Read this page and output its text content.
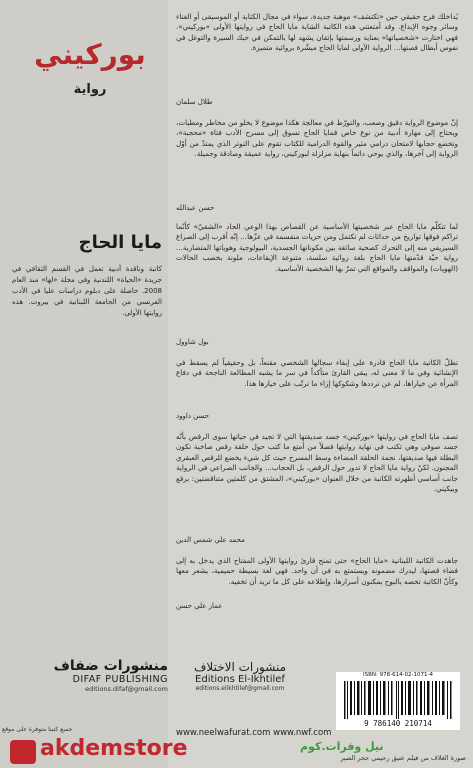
بوركيني
رواية
مايا الحاج
كاتبة وناقدة أدبية تعمل في القسم الثقافي في جريدة «الحياة» اللندنية وفي مجلة «لها» منذ العام 2008. حاصلة على دبلوم دراسات عليا في الأدب الفرنسي من الجامعة اللبنانية في بيروت. هذه روايتها الأولى.
يُداخلك فرح حقيقي حين «تكتشف» موهبة جديدة، سواء في مجال الكتابة أو الموسيقى أو الغناء وسائر وجوه الإبداع. وقد أمتعتني هذه الكاتبة الشابة مايا الحاج في روايتها الأولى «بوركيني». فهي اختارت «شخصياتها» بعناية ورسمتها بإتقان يشهد لها بالتمكن في حبك السيرة والتوغل في نفوس أبطال قصتها... الرواية الأولى لمايا الحاج مبشّرة بروائية متميزة.
طلال سلمان
إنّ موضوع الرواية دقيق وصعب، والتورّط في معالجة هكذا موضوع لا يخلو من مخاطر ومطبات، ويحتاج إلى مهارة أدبية من نوع خاص قمايا الحاج تسوق إلى مسرح الأدب فتاة «محجبة»، وتخضع حجابها لامتحان درامي مثير والقوة الدرامية للكتاب تقوم على التوتر الذي يمتدّ من أوّل الرواية إلى آخرها، والذي يوحي دائماً بنهاية مزلزلة لبوركيني، رواية عميقة وصادقة وجميلة.
حسن عبدالله
لما تتكلّم مايا الحاج عبر شخصيتها الأساسية عن القصاص بهذا الوعي الحاد «الشقيّ» كأنّما تراكم فوقها تواريخ من حداثات لم تكتمل ومن حريات منقسمة في عزّها... إنّه أقرب إلى الصراع السيزيفي منه إلى التحرك كصحية سائغة بين مكوناتها الجسدية، البيولوجية وهوياتها المتضاربة... رواية حيّة قدّمتها مايا الحاج بلغة روائية سلسة، متنوعة الإيقاعات، ملونة بخصب الحالات (الهويات) والمواقف والمواقع التي تمرّ بها الشخصية الأساسية.
بول شاوول
تظلّ الكاتبة مايا الحاج قادرة على إبقاء سجالها الشخصي مقنعاً، بل وحقيقياً لم يسقط في الإنشائية وفي ما لا معنى له، يبقى القارئ متأكداً في سر ما يشبه المطالعة الناجحة في دفاع المرأة عن خياراها، لم عن ترددها وشكوكها إزاء ما ترتّب على خيارها هذا.
حسن داوود
تصف مايا الحاج في روايتها «بوركيني» جسد صديقتها التي لا تجيد في حياتها سوى الرقص بأنّه جسد صوفي وهي تكتب في نهاية روايتها فصلاً من أمتع ما كتب حول حلقة رقص صاخبة تكون البطلة فيها صديقتها، نجمة الحلقة المضاءة وسط المسرح حيث كل شيء يخضع للرقص العبقري المجنون. لكنّ رواية مايا الحاج لا تدور حول الرقص، بل الحجاب... والجانب الصراعي في الرواية جانب أساسي أظهرته الكاتبة من خلال العنوان «بوركيني»، المشتق من كلمتين متناقضتين: برقع وبيكيني.
محمد علي شمس الدين
جاهدت الكاتبة اللبنانية «مايا الحاج» حتى تمنح قارئ روايتها الأولى المفتاح الذي يدخل به إلى فضاء قصتها، ليدرك مضمونه ويستمتع به في أن واحد. فهي لغة بسيطة حميمية، يشعر معها وكأنّ الكاتبة تخصه بالبوح بمكنون أسرارها، وإطلاعه على كل ما تريد أن تخفيه.
عمار علي حسن
منشورات ضفاف
DIFAF PUBLISHING
editions.difaf@gmail.com
منشورات الاختلاف
Editions El-Ikhtilef
editions.elikhtilef@gmail.com
ISBN: 978-614-02-1071-4
9 786140 210714
www.neelwafurat.com www.nwf.com
نيل وفرات.كوم
صورة الغلاف من فيلم عتيق رحيمي حجر الصبر
جميع كتبنا متوفرة على موقع
akdemstore
